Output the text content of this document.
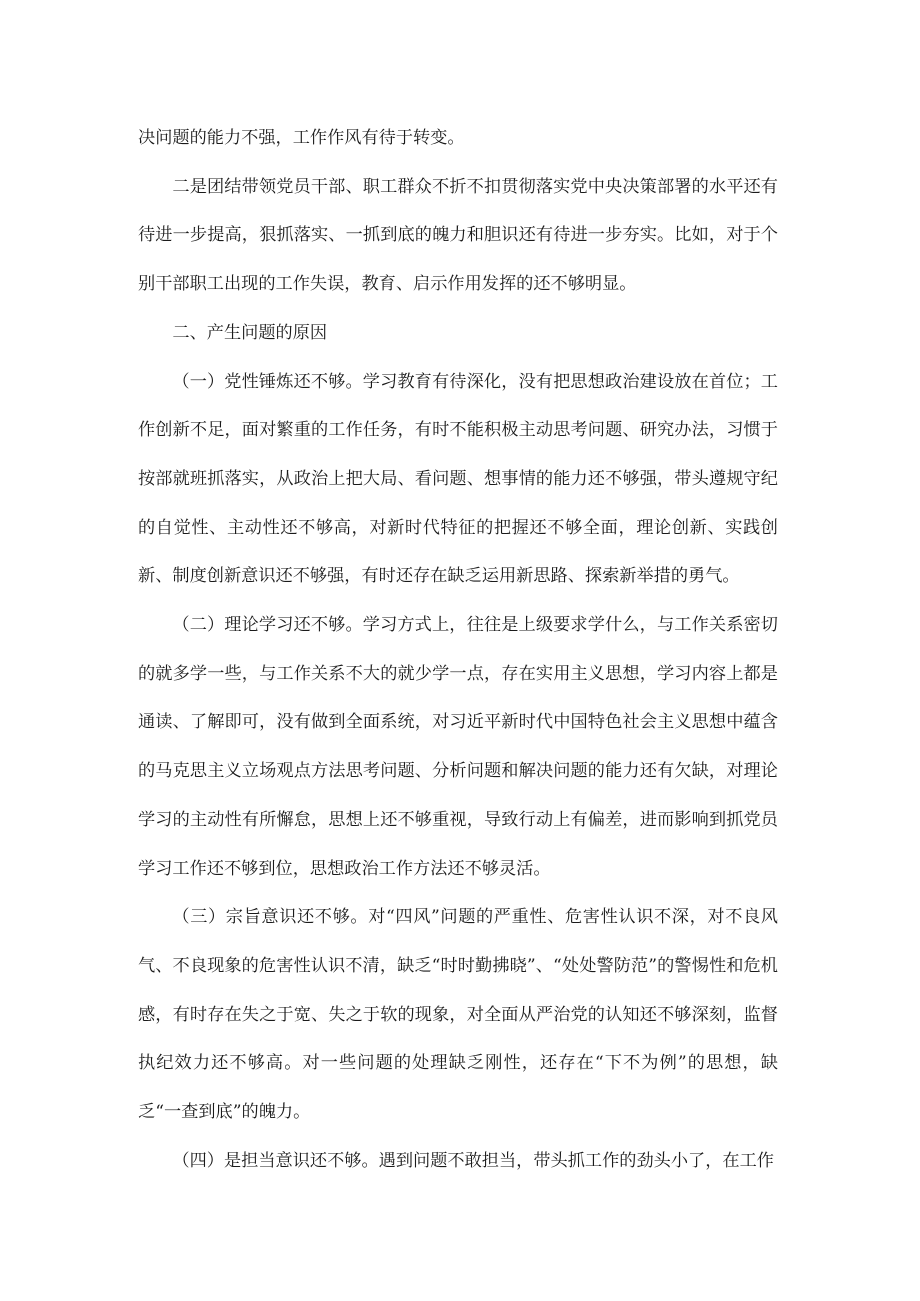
决问题的能力不强，工作作风有待于转变。

二是团结带领党员干部、职工群众不折不扣贯彻落实党中央决策部署的水平还有待进一步提高，狠抓落实、一抓到底的魄力和胆识还有待进一步夯实。比如，对于个别干部职工出现的工作失误，教育、启示作用发挥的还不够明显。

二、产生问题的原因

（一）党性锤炼还不够。学习教育有待深化，没有把思想政治建设放在首位；工作创新不足，面对繁重的工作任务，有时不能积极主动思考问题、研究办法，习惯于按部就班抓落实，从政治上把大局、看问题、想事情的能力还不够强，带头遵规守纪的自觉性、主动性还不够高，对新时代特征的把握还不够全面，理论创新、实践创新、制度创新意识还不够强，有时还存在缺乏运用新思路、探索新举措的勇气。

（二）理论学习还不够。学习方式上，往往是上级要求学什么，与工作关系密切的就多学一些，与工作关系不大的就少学一点，存在实用主义思想，学习内容上都是通读、了解即可，没有做到全面系统，对习近平新时代中国特色社会主义思想中蕴含的马克思主义立场观点方法思考问题、分析问题和解决问题的能力还有欠缺，对理论学习的主动性有所懈怠，思想上还不够重视，导致行动上有偏差，进而影响到抓党员学习工作还不够到位，思想政治工作方法还不够灵活。

（三）宗旨意识还不够。对“四风”问题的严重性、危害性认识不深，对不良风气、不良现象的危害性认识不清，缺乏“时时勤拂晓”、“处处警防范”的警惕性和危机感，有时存在失之于宽、失之于软的现象，对全面从严治党的认知还不够深刻，监督执纪效力还不够高。对一些问题的处理缺乏刚性，还存在“下不为例”的思想，缺乏“一查到底”的魄力。

（四）是担当意识还不够。遇到问题不敢担当，带头抓工作的劲头小了，在工作
